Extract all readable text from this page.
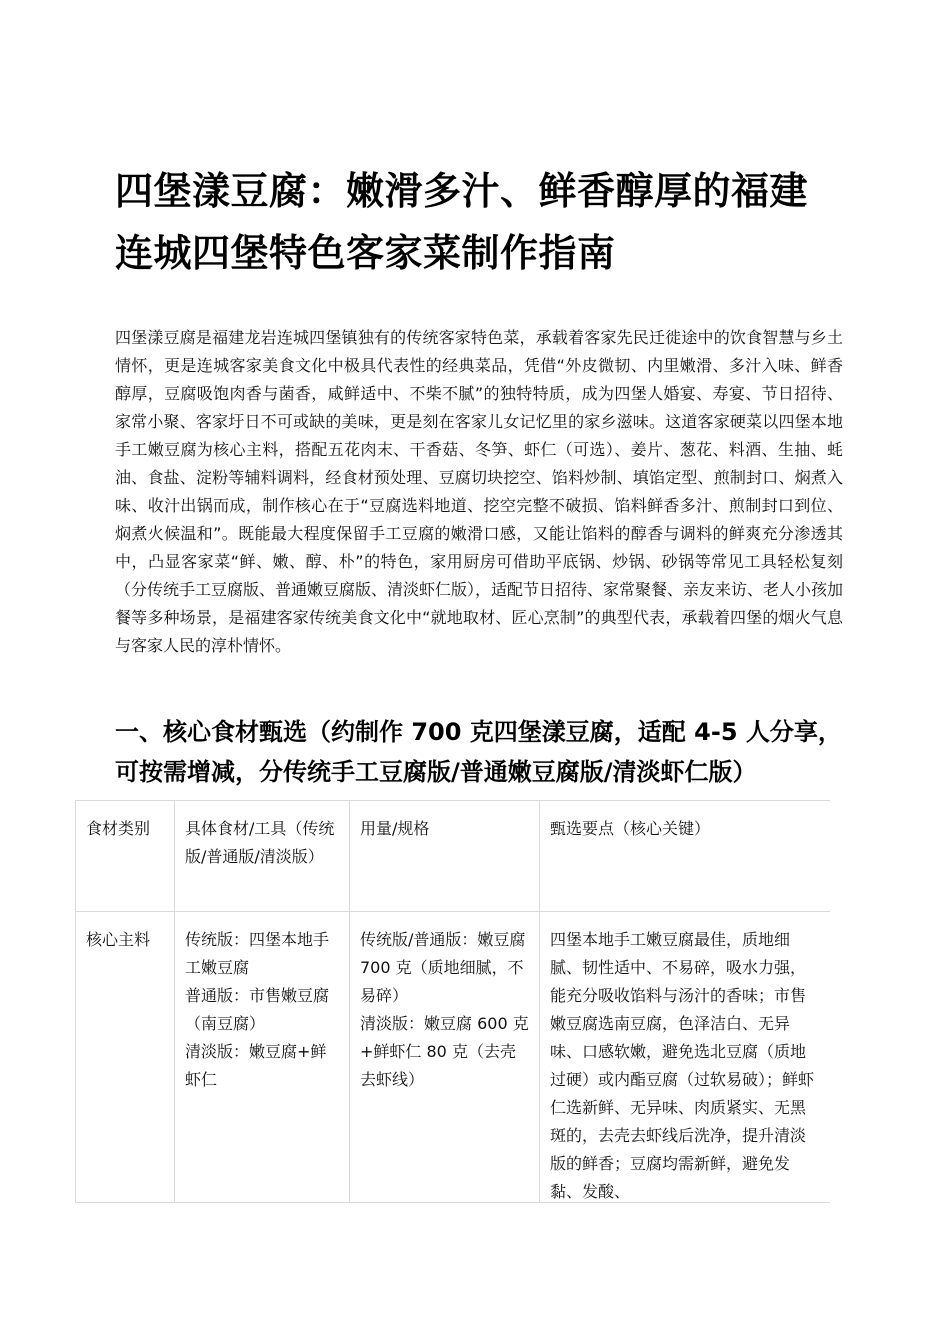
四堡漾豆腐：嫩滑多汁、鲜香醇厚的福建连城四堡特色客家菜制作指南

四堡漾豆腐是福建龙岩连城四堡镇独有的传统客家特色菜，承载着客家先民迁徙途中的饮食智慧与乡土情怀，更是连城客家美食文化中极具代表性的经典菜品，凭借“外皮微韧、内里嫩滑、多汁入味、鲜香醇厚，豆腐吸饱肉香与菌香，咸鲜适中、不柴不腻”的独特特质，成为四堡人婚宴、寿宴、节日招待、家常小聚、客家圩日不可或缺的美味，更是刻在客家儿女记忆里的家乡滋味。这道客家硬菜以四堡本地手工嫩豆腐为核心主料，搭配五花肉末、干香菇、冬笋、虾仁（可选）、姜片、葱花、料酒、生抽、蚝油、食盐、淀粉等辅料调料，经食材预处理、豆腐切块挖空、馅料炒制、填馅定型、煎制封口、焖煮入味、收汁出锅而成，制作核心在于“豆腐选料地道、挖空完整不破损、馅料鲜香多汁、煎制封口到位、焖煮火候温和”。既能最大程度保留手工豆腐的嫩滑口感，又能让馅料的醇香与调料的鲜爽充分渗透其中，凸显客家菜“鲜、嫩、醇、朴”的特色，家用厨房可借助平底锅、炒锅、砂锅等常见工具轻松复刻（分传统手工豆腐版、普通嫩豆腐版、清淡虾仁版），适配节日招待、家常聚餐、亲友来访、老人小孩加餐等多种场景，是福建客家传统美食文化中“就地取材、匠心烹制”的典型代表，承载着四堡的烟火气息与客家人民的淳朴情怀。

一、核心食材甄选（约制作 700 克四堡漾豆腐，适配 4-5 人分享，可按需增减，分传统手工豆腐版/普通嫩豆腐版/清淡虾仁版）
食材类别	具体食材/工具（传统版/普通版/清淡版）	用量/规格	甄选要点（核心关键）
核心主料	传统版：四堡本地手工嫩豆腐
普通版：市售嫩豆腐（南豆腐）
清淡版：嫩豆腐+鲜虾仁	传统版/普通版：嫩豆腐 700 克（质地细腻，不易碎）
清淡版：嫩豆腐 600 克+鲜虾仁 80 克（去壳去虾线）	四堡本地手工嫩豆腐最佳，质地细腻、韧性适中、不易碎，吸水力强，能充分吸收馅料与汤汁的香味；市售嫩豆腐选南豆腐，色泽洁白、无异味、口感软嫩，避免选北豆腐（质地过硬）或内酯豆腐（过软易破）；鲜虾仁选新鲜、无异味、肉质紧实、无黑斑的，去壳去虾线后洗净，提升清淡版的鲜香；豆腐均需新鲜，避免发黏、发酸、
